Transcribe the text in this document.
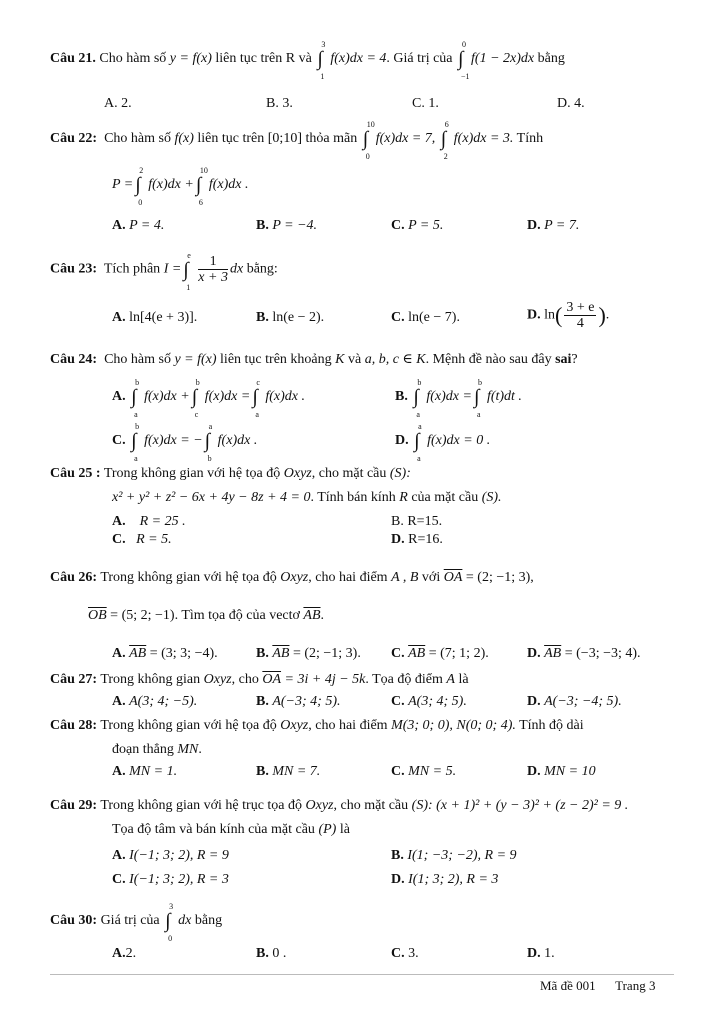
Câu 21. Cho hàm số y = f(x) liên tục trên R và
3
∫
1
f(x)dx = 4. Giá trị của
0
∫
−1
f(1 − 2x)dx bằng
A. 2.	B. 3.	C. 1.	D. 4.
Câu 22: Cho hàm số f(x) liên tục trên [0;10] thỏa mãn
10
∫
0
f(x)dx = 7,
6
∫
2
f(x)dx = 3. Tính
P =
2
∫
0
f(x)dx +
10
∫
6
f(x)dx .
A. P = 4.	B. P = −4.	C. P = 5.	D. P = 7.
Câu 23: Tích phân I =
e
∫
1
$\frac{1}{x + 3}$ dx bằng:
A. ln[4(e + 3)].	B. ln(e − 2).	C. ln(e − 7).	D. $\ln( \frac{3 + e}{4}$ ).
Câu 24: Cho hàm số y = f(x) liên tục trên khoảng K và a, b, c ∈ K. Mệnh đề nào sau đây sai?
A.
b
∫
a
f(x)dx +
b
∫
c
f(x)dx =
c
∫
a
f(x)dx .	B.
b
∫
a
f(x)dx =
b
∫
a
f(t)dt .
C.
b
∫
a
f(x)dx = −
a
∫
b
f(x)dx .	D.
a
∫
a
f(x)dx = 0 .
Câu 25 : Trong không gian với hệ tọa độ Oxyz, cho mặt cầu (S):
x² + y² + z² − 6x + 4y − 8z + 4 = 0. Tính bán kính R của mặt cầu (S).
A. R = 25 .	B. R=15.
C. R = 5.	D. R=16.
Câu 26: Trong không gian với hệ tọa độ Oxyz, cho hai điểm A , B với $\overline{OA} = (2$; −1; 3),
$\overline{OB} = (5$; 2; −1). Tìm tọa độ của vectơ $\overline{AB}$.
A. $\overline{AB} = (3$; 3; −4).	B. $\overline{AB} = (2$; −1; 3). C. $\overline{AB} = (7$; 1; 2).	D. $\overline{AB} = (-3$; −3; 4).
Câu 27: Trong không gian Oxyz, cho $\overline{OA} = 3i + 4j - 5k$. Tọa độ điểm A là
A. A(3; 4; −5).	B. A(−3; 4; 5).	C. A(3; 4; 5).	D. A(−3; −4; 5).
Câu 28: Trong không gian với hệ tọa độ Oxyz, cho hai điểm M(3; 0; 0), N(0; 0; 4). Tính độ dài
đoạn thẳng MN.
A. MN = 1.	B. MN = 7.	C. MN = 5.	D. MN = 10
Câu 29: Trong không gian với hệ trục tọa độ Oxyz, cho mặt cầu (S): (x + 1)² + (y − 3)² + (z − 2)² = 9 .
Tọa độ tâm và bán kính của mặt cầu (P) là
A. I(−1; 3; 2), R = 9	B. I(1; −3; −2), R = 9
C. I(−1; 3; 2), R = 3	D. I(1; 3; 2), R = 3
Câu 30: Giá trị của
3
∫
0
dx bằng
A.2.	B. 0 .	C. 3.	D. 1.
Mã đề 001 Trang 3
